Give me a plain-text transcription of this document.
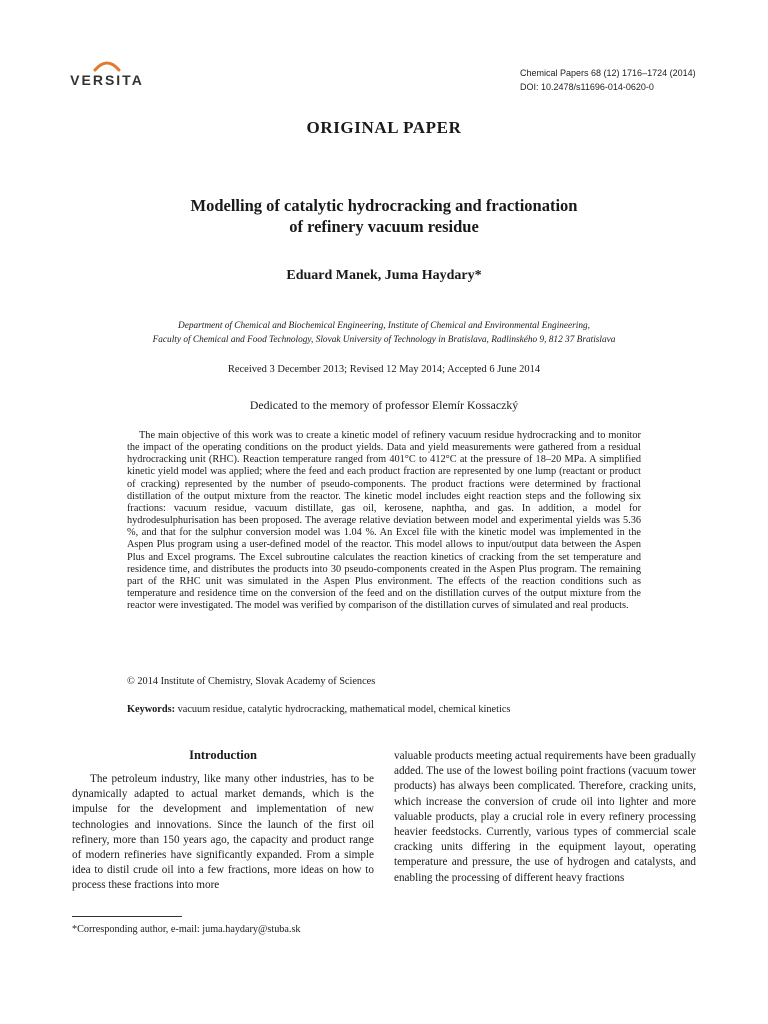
VERSITA	Chemical Papers 68 (12) 1716–1724 (2014)
DOI: 10.2478/s11696-014-0620-0
ORIGINAL PAPER
Modelling of catalytic hydrocracking and fractionation
of refinery vacuum residue
Eduard Manek, Juma Haydary*
Department of Chemical and Biochemical Engineering, Institute of Chemical and Environmental Engineering,
Faculty of Chemical and Food Technology, Slovak University of Technology in Bratislava, Radlinského 9, 812 37 Bratislava
Received 3 December 2013; Revised 12 May 2014; Accepted 6 June 2014
Dedicated to the memory of professor Elemír Kossaczký

The main objective of this work was to create a kinetic model of refinery vacuum residue hydrocracking and to monitor the impact of the operating conditions on the product yields. Data and yield measurements were gathered from a residual hydrocracking unit (RHC). Reaction temperature ranged from 401°C to 412°C at the pressure of 18–20 MPa. A simplified kinetic yield model was applied; where the feed and each product fraction are represented by one lump (reactant or product of cracking) represented by the number of pseudo-components. The product fractions were determined by fractional distillation of the output mixture from the reactor. The kinetic model includes eight reaction steps and the following six fractions: vacuum residue, vacuum distillate, gas oil, kerosene, naphtha, and gas. In addition, a model for hydrodesulphurisation has been proposed. The average relative deviation between model and experimental yields was 5.36 %, and that for the sulphur conversion model was 1.04 %. An Excel file with the kinetic model was implemented in the Aspen Plus program using a user-defined model of the reactor. This model allows to input/output data between the Aspen Plus and Excel programs. The Excel subroutine calculates the reaction kinetics of cracking from the set temperature and residence time, and distributes the products into 30 pseudo-components created in the Aspen Plus program. The remaining part of the RHC unit was simulated in the Aspen Plus environment. The effects of the reaction conditions such as temperature and residence time on the conversion of the feed and on the distillation curves of the output mixture from the reactor were investigated. The model was verified by comparison of the distillation curves of simulated and real products.

© 2014 Institute of Chemistry, Slovak Academy of Sciences
Keywords: vacuum residue, catalytic hydrocracking, mathematical model, chemical kinetics
Introduction

The petroleum industry, like many other industries, has to be dynamically adapted to actual market demands, which is the impulse for the development and implementation of new technologies and innovations. Since the launch of the first oil refinery, more than 150 years ago, the capacity and product range of modern refineries have significantly expanded. From a simple idea to distil crude oil into a few fractions, more ideas on how to process these fractions into more

valuable products meeting actual requirements have been gradually added. The use of the lowest boiling point fractions (vacuum tower products) has always been complicated. Therefore, cracking units, which increase the conversion of crude oil into lighter and more valuable products, play a crucial role in every refinery processing heavier feedstocks. Currently, various types of commercial scale cracking units differing in the equipment layout, operating temperature and pressure, the use of hydrogen and catalysts, and enabling the processing of different heavy fractions

*Corresponding author, e-mail: juma.haydary@stuba.sk
